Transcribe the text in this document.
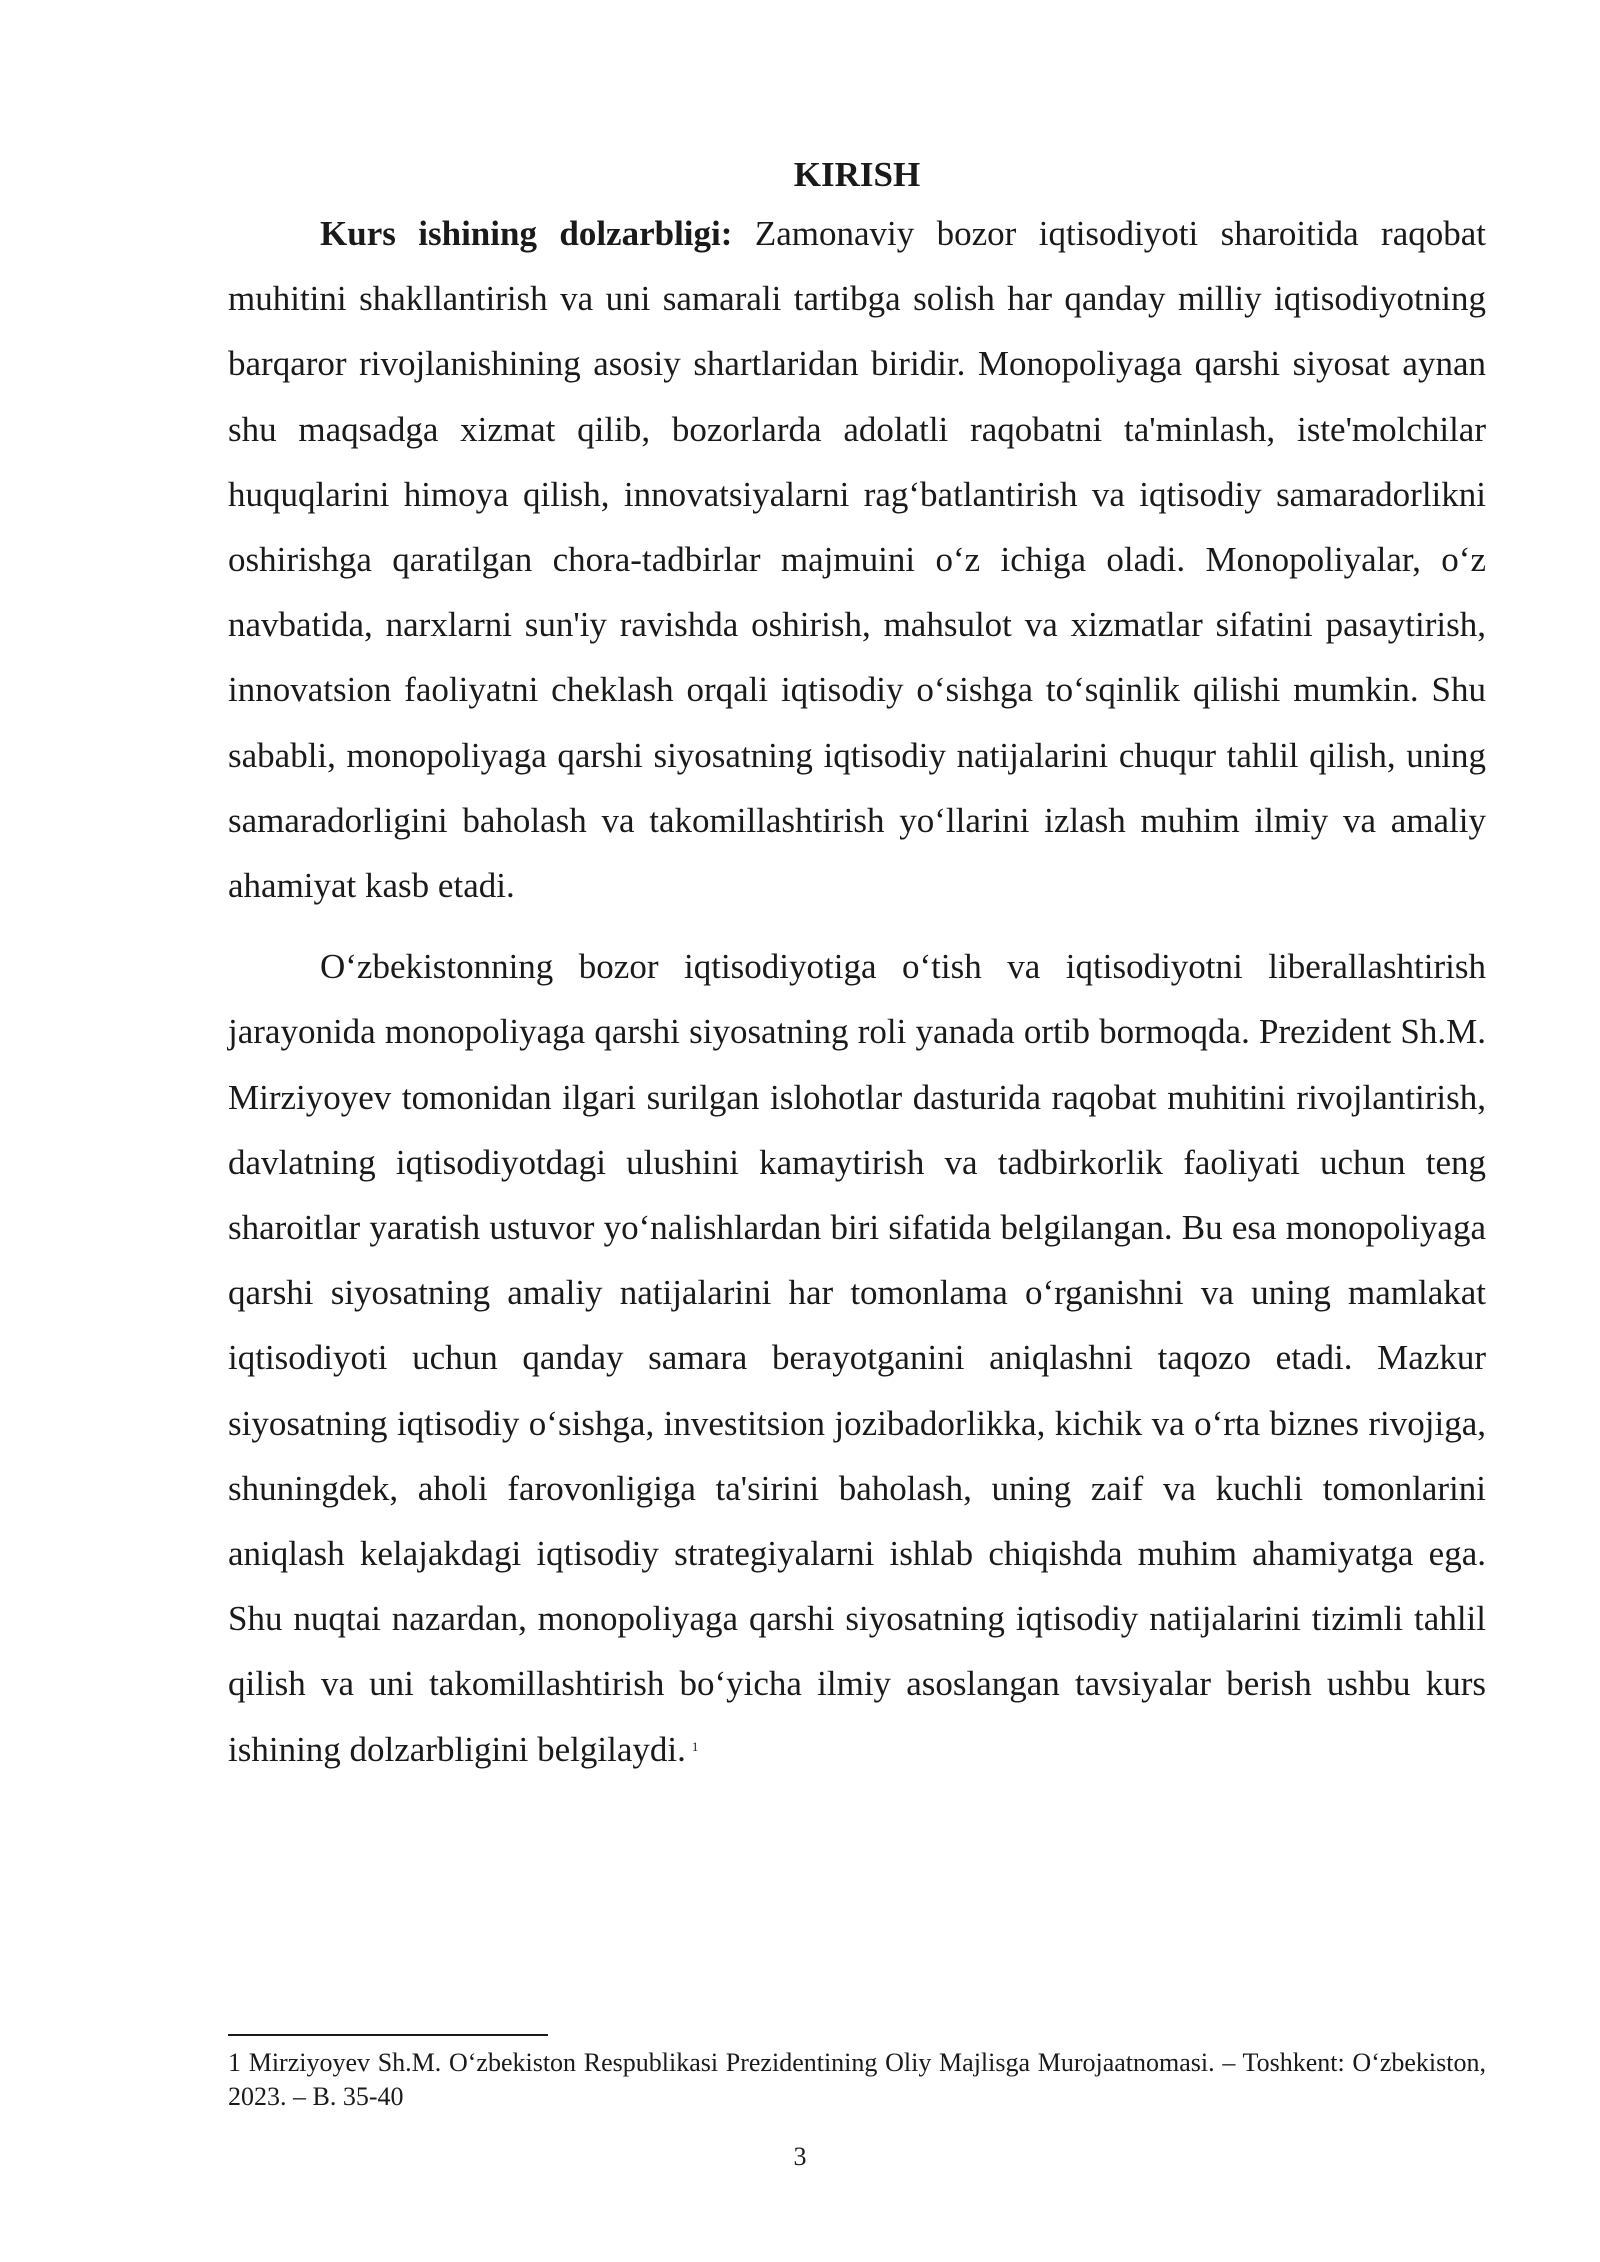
KIRISH

Kurs ishining dolzarbligi: Zamonaviy bozor iqtisodiyoti sharoitida raqobat muhitini shakllantirish va uni samarali tartibga solish har qanday milliy iqtisodiyotning barqaror rivojlanishining asosiy shartlaridan biridir. Monopoliyaga qarshi siyosat aynan shu maqsadga xizmat qilib, bozorlarda adolatli raqobatni ta'minlash, iste'molchilar huquqlarini himoya qilish, innovatsiyalarni rag‘batlantirish va iqtisodiy samaradorlikni oshirishga qaratilgan chora-tadbirlar majmuini o‘z ichiga oladi. Monopoliyalar, o‘z navbatida, narxlarni sun'iy ravishda oshirish, mahsulot va xizmatlar sifatini pasaytirish, innovatsion faoliyatni cheklash orqali iqtisodiy o‘sishga to‘sqinlik qilishi mumkin. Shu sababli, monopoliyaga qarshi siyosatning iqtisodiy natijalarini chuqur tahlil qilish, uning samaradorligini baholash va takomillashtirish yo‘llarini izlash muhim ilmiy va amaliy ahamiyat kasb etadi.

O‘zbekistonning bozor iqtisodiyotiga o‘tish va iqtisodiyotni liberallashtirish jarayonida monopoliyaga qarshi siyosatning roli yanada ortib bormoqda. Prezident Sh.M. Mirziyoyev tomonidan ilgari surilgan islohotlar dasturida raqobat muhitini rivojlantirish, davlatning iqtisodiyotdagi ulushini kamaytirish va tadbirkorlik faoliyati uchun teng sharoitlar yaratish ustuvor yo‘nalishlardan biri sifatida belgilangan. Bu esa monopoliyaga qarshi siyosatning amaliy natijalarini har tomonlama o‘rganishni va uning mamlakat iqtisodiyoti uchun qanday samara berayotganini aniqlashni taqozo etadi. Mazkur siyosatning iqtisodiy o‘sishga, investitsion jozibadorlikka, kichik va o‘rta biznes rivojiga, shuningdek, aholi farovonligiga ta'sirini baholash, uning zaif va kuchli tomonlarini aniqlash kelajakdagi iqtisodiy strategiyalarni ishlab chiqishda muhim ahamiyatga ega. Shu nuqtai nazardan, monopoliyaga qarshi siyosatning iqtisodiy natijalarini tizimli tahlil qilish va uni takomillashtirish bo‘yicha ilmiy asoslangan tavsiyalar berish ushbu kurs ishining dolzarbligini belgilaydi. $^1$

1 Mirziyoyev Sh.M. O‘zbekiston Respublikasi Prezidentining Oliy Majlisga Murojaatnomasi. – Toshkent: O‘zbekiston, 2023. – B. 35-40

3
